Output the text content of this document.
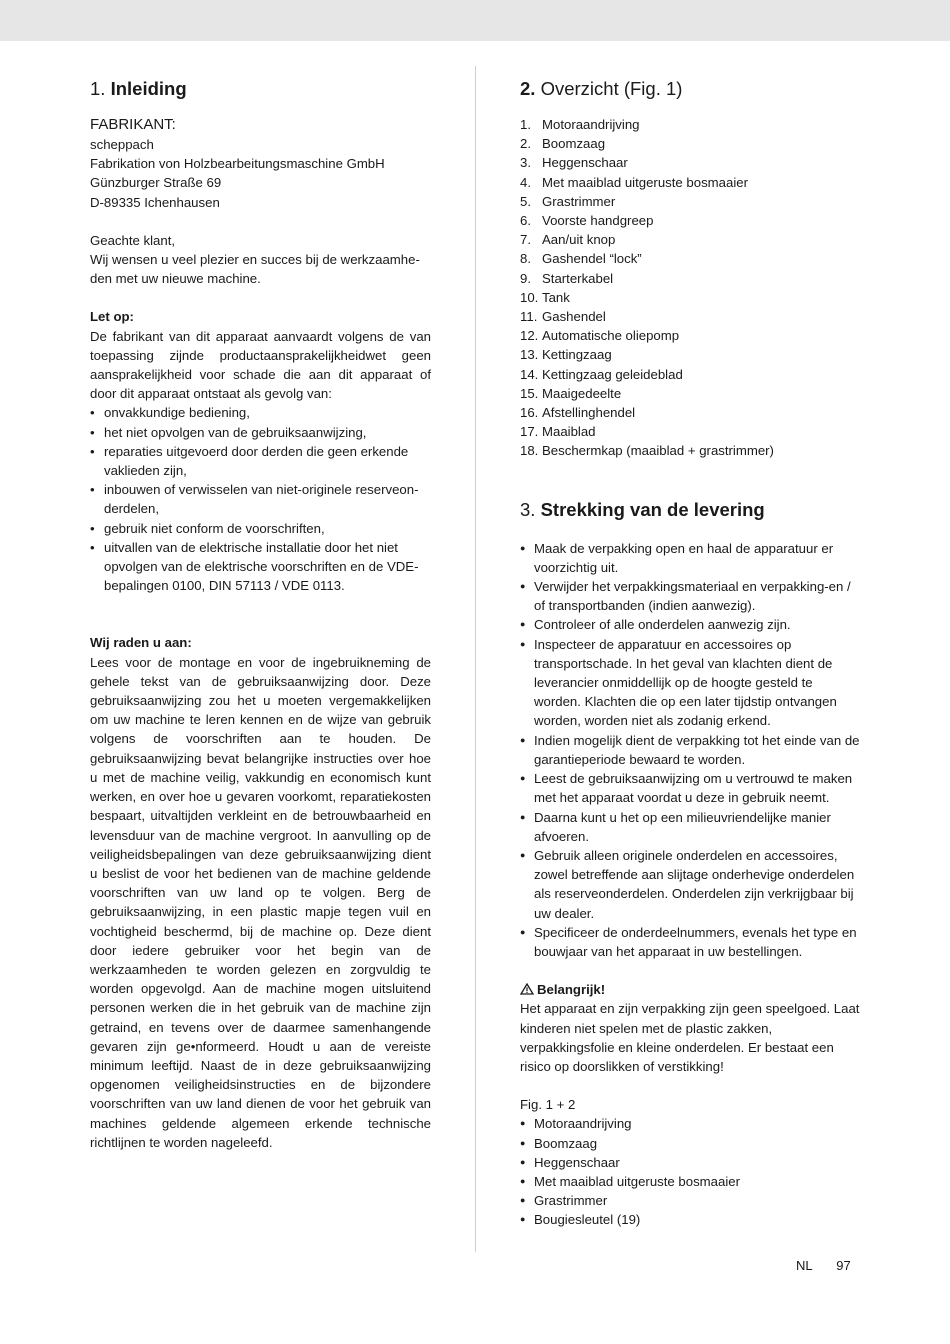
1. Inleiding

FABRIKANT:

scheppach

Fabrikation von Holzbearbeitungsmaschine GmbH

Günzburger Straße 69

D-89335 Ichenhausen

Geachte klant,

Wij wensen u veel plezier en succes bij de werkzaamhe-den met uw nieuwe machine.

Let op:

De fabrikant van dit apparaat aanvaardt volgens de van toepassing zijnde productaansprakelijkheidwet geen aansprakelijkheid voor schade die aan dit apparaat of door dit apparaat ontstaat als gevolg van:

• onvakkundige bediening,
• het niet opvolgen van de gebruiksaanwijzing,
• reparaties uitgevoerd door derden die geen erkende vaklieden zijn,
• inbouwen of verwisselen van niet-originele reserveon-derdelen,
• gebruik niet conform de voorschriften,
• uitvallen van de elektrische installatie door het niet opvolgen van de elektrische voorschriften en de VDE-bepalingen 0100, DIN 57113 / VDE 0113.

Wij raden u aan:

Lees voor de montage en voor de ingebruikneming de gehele tekst van de gebruiksaanwijzing door. Deze gebruiksaanwijzing zou het u moeten vergemakkelijken om uw machine te leren kennen en de wijze van gebruik volgens de voorschriften aan te houden. De gebruiksaanwijzing bevat belangrijke instructies over hoe u met de machine veilig, vakkundig en economisch kunt werken, en over hoe u gevaren voorkomt, reparatiekosten bespaart, uitvaltijden verkleint en de betrouwbaarheid en levensduur van de machine vergroot. In aanvulling op de veiligheidsbepalingen van deze gebruiksaanwijzing dient u beslist de voor het bedienen van de machine geldende voorschriften van uw land op te volgen. Berg de gebruiksaanwijzing, in een plastic mapje tegen vuil en vochtigheid beschermd, bij de machine op. Deze dient door iedere gebruiker voor het begin van de werkzaamheden te worden gelezen en zorgvuldig te worden opgevolgd. Aan de machine mogen uitsluitend personen werken die in het gebruik van de machine zijn getraind, en tevens over de daarmee samenhangende gevaren zijn ge•nformeerd. Houdt u aan de vereiste minimum leeftijd. Naast de in deze gebruiksaanwijzing opgenomen veiligheidsinstructies en de bijzondere voorschriften van uw land dienen de voor het gebruik van machines geldende algemeen erkende technische richtlijnen te worden nageleefd.

2. Overzicht (Fig. 1)
1. Motoraandrijving
2. Boomzaag
3. Heggenschaar
4. Met maaiblad uitgeruste bosmaaier
5. Grastrimmer
6. Voorste handgreep
7. Aan/uit knop
8. Gashendel “lock”
9. Starterkabel
10. Tank
11. Gashendel
12. Automatische oliepomp
13. Kettingzaag
14. Kettingzaag geleideblad
15. Maaigedeelte
16. Afstellinghendel
17. Maaiblad
18. Beschermkap (maaiblad + grastrimmer)
3. Strekking van de levering
● Maak de verpakking open en haal de apparatuur er voorzichtig uit.
● Verwijder het verpakkingsmateriaal en verpakking-en / of transportbanden (indien aanwezig).
● Controleer of alle onderdelen aanwezig zijn.
● Inspecteer de apparatuur en accessoires op transportschade. In het geval van klachten dient de leverancier onmiddellijk op de hoogte gesteld te worden. Klachten die op een later tijdstip ontvangen worden, worden niet als zodanig erkend.
● Indien mogelijk dient de verpakking tot het einde van de garantieperiode bewaard te worden.
● Leest de gebruiksaanwijzing om u vertrouwd te maken met het apparaat voordat u deze in gebruik neemt.
● Daarna kunt u het op een milieuvriendelijke manier afvoeren.
● Gebruik alleen originele onderdelen en accessoires, zowel betreffende aan slijtage onderhevige onderdelen als reserveonderdelen. Onderdelen zijn verkrijgbaar bij uw dealer.
● Specificeer de onderdeelnummers, evenals het type en bouwjaar van het apparaat in uw bestellingen.

Belangrijk!

Het apparaat en zijn verpakking zijn geen speelgoed. Laat kinderen niet spelen met de plastic zakken, verpakkingsfolie en kleine onderdelen. Er bestaat een risico op doorslikken of verstikking!

Fig. 1 + 2

● Motoraandrijving
● Boomzaag
● Heggenschaar
● Met maaiblad uitgeruste bosmaaier
● Grastrimmer
● Bougiesleutel (19)
NL 97
